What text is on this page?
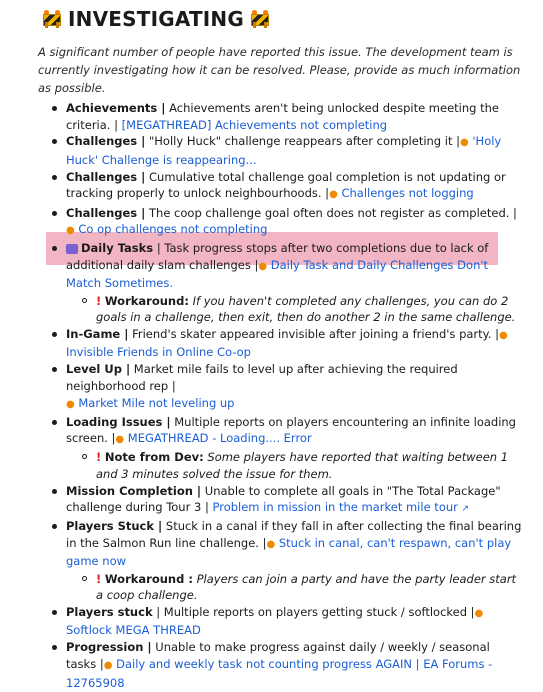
INVESTIGATING
A significant number of people have reported this issue. The development team is currently investigating how it can be resolved. Please, provide as much information as possible.
Achievements | Achievements aren't being unlocked despite meeting the criteria. | [MEGATHREAD] Achievements not completing
Challenges | "Holly Huck" challenge reappears after completing it |● 'Holy Huck' Challenge is reappearing...
Challenges | Cumulative total challenge goal completion is not updating or tracking properly to unlock neighbourhoods. |● Challenges not logging
Challenges | The coop challenge goal often does not register as completed. |● Co op challenges not completing
Daily Tasks | Task progress stops after two completions due to lack of additional daily slam challenges |● Daily Task and Daily Challenges Don't Match Sometimes.
! Workaround: If you haven't completed any challenges, you can do 2 goals in a challenge, then exit, then do another 2 in the same challenge.
In-Game | Friend's skater appeared invisible after joining a friend's party. |● Invisible Friends in Online Co-op
Level Up | Market mile fails to level up after achieving the required neighborhood rep |
● Market Mile not leveling up
Loading Issues | Multiple reports on players encountering an infinite loading screen. |● MEGATHREAD - Loading.... Error
! Note from Dev: Some players have reported that waiting between 1 and 3 minutes solved the issue for them.
Mission Completion | Unable to complete all goals in "The Total Package" challenge during Tour 3 | Problem in mission in the market mile tour ↗
Players Stuck | Stuck in a canal if they fall in after collecting the final bearing in the Salmon Run line challenge. |● Stuck in canal, can't respawn, can't play game now
! Workaround : Players can join a party and have the party leader start a coop challenge.
Players stuck | Multiple reports on players getting stuck / softlocked |● Softlock MEGA THREAD
Progression | Unable to make progress against daily / weekly / seasonal tasks |● Daily and weekly task not counting progress AGAIN | EA Forums - 12765908
